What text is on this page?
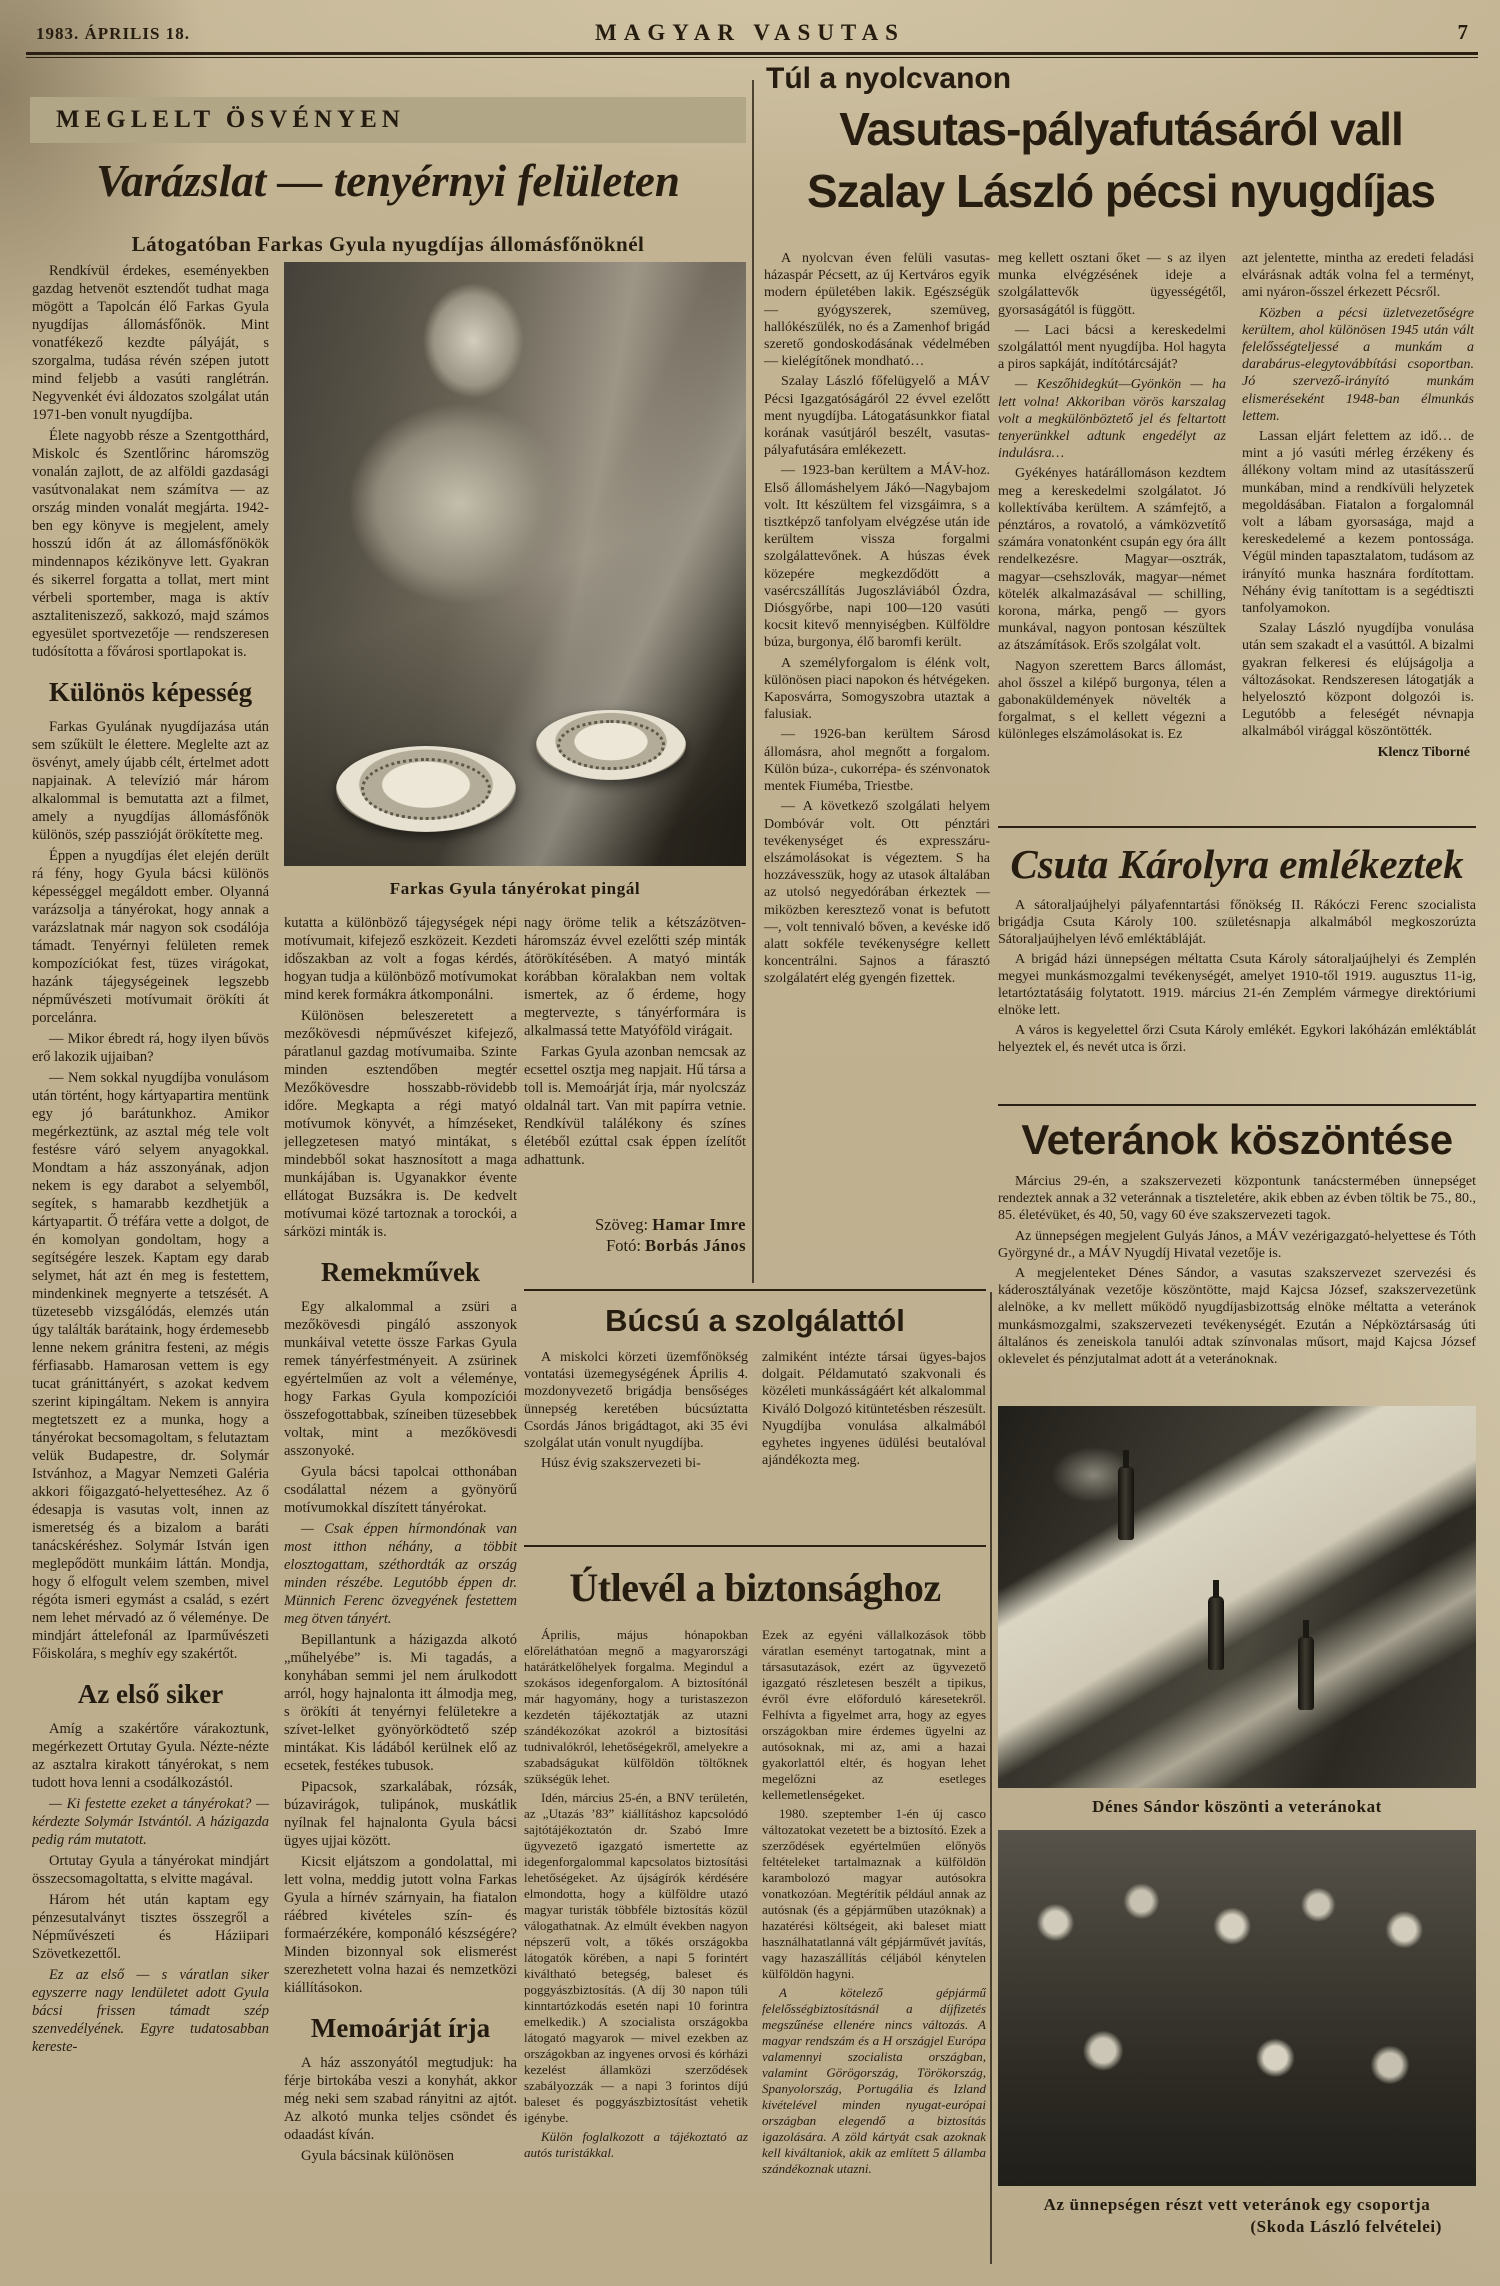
1983. ÁPRILIS 18.	MAGYAR VASUTAS	7
MEGLELT ÖSVÉNYEN
Varázslat — tenyérnyi felületen
Látogatóban Farkas Gyula nyugdíjas állomásfőnöknél

Rendkívül érdekes, eseményekben gazdag hetvenöt esztendőt tudhat maga mögött a Tapolcán élő Farkas Gyula nyugdíjas állomásfőnök. Mint vonatfékező kezdte pályáját, s szorgalma, tudása révén szépen jutott mind feljebb a vasúti ranglétrán. Negyvenkét évi áldozatos szolgálat után 1971-ben vonult nyugdíjba.

Élete nagyobb része a Szentgotthárd, Miskolc és Szentlőrinc háromszög vonalán zajlott, de az alföldi gazdasági vasútvonalakat nem számítva — az ország minden vonalát megjárta. 1942-ben egy könyve is megjelent, amely hosszú időn át az állomásfőnökök mindennapos kézikönyve lett. Gyakran és sikerrel forgatta a tollat, mert mint vérbeli sportember, maga is aktív asztaliteniszező, sakkozó, majd számos egyesület sportvezetője — rendszeresen tudósította a fővárosi sportlapokat is.

Különös képesség

Farkas Gyulának nyugdíjazása után sem szűkült le élettere. Meglelte azt az ösvényt, amely újabb célt, értelmet adott napjainak. A televízió már három alkalommal is bemutatta azt a filmet, amely a nyugdíjas állomásfőnök különös, szép passzióját örökítette meg.

Éppen a nyugdíjas élet elején derült rá fény, hogy Gyula bácsi különös képességgel megáldott ember. Olyanná varázsolja a tányérokat, hogy annak a varázslatnak már nagyon sok csodálója támadt. Tenyérnyi felületen remek kompozíciókat fest, tüzes virágokat, hazánk tájegységeinek legszebb népművészeti motívumait örökíti át porcelánra.

— Mikor ébredt rá, hogy ilyen bűvös erő lakozik ujjaiban?

— Nem sokkal nyugdíjba vonulásom után történt, hogy kártyapartira mentünk egy jó barátunkhoz. Amikor megérkeztünk, az asztal még tele volt festésre váró selyem anyagokkal. Mondtam a ház asszonyának, adjon nekem is egy darabot a selyemből, segítek, s hamarabb kezdhetjük a kártyapartit. Ő tréfára vette a dolgot, de én komolyan gondoltam, hogy a segítségére leszek. Kaptam egy darab selymet, hát azt én meg is festettem, mindenkinek megnyerte a tetszését. A tüzetesebb vizsgálódás, elemzés után úgy találták barátaink, hogy érdemesebb lenne nekem gránitra festeni, az mégis férfiasabb. Hamarosan vettem is egy tucat gránittányért, s azokat kedvem szerint kipingáltam. Nekem is annyira megtetszett ez a munka, hogy a tányérokat becsomagoltam, s felutaztam velük Budapestre, dr. Solymár Istvánhoz, a Magyar Nemzeti Galéria akkori főigazgató-helyetteséhez. Az ő édesapja is vasutas volt, innen az ismeretség és a bizalom a baráti tanácskéréshez. Solymár István igen meglepődött munkáim láttán. Mondja, hogy ő elfogult velem szemben, mivel régóta ismeri egymást a család, s ezért nem lehet mérvadó az ő véleménye. De mindjárt áttelefonál az Iparművészeti Főiskolára, s meghív egy szakértőt.

Az első siker

Amíg a szakértőre várakoztunk, megérkezett Ortutay Gyula. Nézte-nézte az asztalra kirakott tányérokat, s nem tudott hova lenni a csodálkozástól.

— Ki festette ezeket a tányérokat? — kérdezte Solymár Istvántól. A házigazda pedig rám mutatott.

Ortutay Gyula a tányérokat mindjárt összecsomagoltatta, s elvitte magával.

Három hét után kaptam egy pénzesutalványt tisztes összegről a Népművészeti és Háziipari Szövetkezettől.

Ez az első — s váratlan siker egyszerre nagy lendületet adott Gyula bácsi frissen támadt szép szenvedélyének. Egyre tudatosabban kereste-

Farkas Gyula tányérokat pingál

kutatta a különböző tájegységek népi motívumait, kifejező eszközeit. Kezdeti időszakban az volt a fogas kérdés, hogyan tudja a különböző motívumokat mind kerek formákra átkomponálni.

Különösen beleszeretett a mezőkövesdi népművészet kifejező, páratlanul gazdag motívumaiba. Szinte minden esztendőben megtér Mezőkövesdre hosszabb-rövidebb időre. Megkapta a régi matyó motívumok könyvét, a hímzéseket, jellegzetesen matyó mintákat, s mindebből sokat hasznosított a maga munkájában is. Ugyanakkor évente ellátogat Buzsákra is. De kedvelt motívumai közé tartoznak a torockói, a sárközi minták is.

Remekművek

Egy alkalommal a zsüri a mezőkövesdi pingáló asszonyok munkáival vetette össze Farkas Gyula remek tányérfestményeit. A zsürinek egyértelműen az volt a véleménye, hogy Farkas Gyula kompozíciói összefogottabbak, színeiben tüzesebbek voltak, mint a mezőkövesdi asszonyoké.

Gyula bácsi tapolcai otthonában csodálattal nézem a gyönyörű motívumokkal díszített tányérokat.

— Csak éppen hírmondónak van most itthon néhány, a többit elosztogattam, széthordták az ország minden részébe. Legutóbb éppen dr. Münnich Ferenc özvegyének festettem meg ötven tányért.

Bepillantunk a házigazda alkotó „műhelyébe” is. Mi tagadás, a konyhában semmi jel nem árulkodott arról, hogy hajnalonta itt álmodja meg, s örökíti át tenyérnyi felületekre a szívet-lelket gyönyörködtető szép mintákat. Kis ládából kerülnek elő az ecsetek, festékes tubusok.

Pipacsok, szarkalábak, rózsák, búzavirágok, tulipánok, muskátlik nyílnak fel hajnalonta Gyula bácsi ügyes ujjai között.

Kicsit eljátszom a gondolattal, mi lett volna, meddig jutott volna Farkas Gyula a hírnév szárnyain, ha fiatalon ráébred kivételes szín- és formaérzékére, komponáló készségére? Minden bizonnyal sok elismerést szerezhetett volna hazai és nemzetközi kiállításokon.

Memoárját írja

A ház asszonyától megtudjuk: ha férje birtokába veszi a konyhát, akkor még neki sem szabad rányitni az ajtót. Az alkotó munka teljes csöndet és odaadást kíván.

Gyula bácsinak különösen

nagy öröme telik a kétszázötven-háromszáz évvel ezelőtti szép minták átörökítésében. A matyó minták korábban köralakban nem voltak ismertek, az ő érdeme, hogy megtervezte, s tányérformára is alkalmassá tette Matyóföld virágait.

Farkas Gyula azonban nemcsak az ecsettel osztja meg napjait. Hű társa a toll is. Memoárját írja, már nyolcszáz oldalnál tart. Van mit papírra vetnie. Rendkívül találékony és színes életéből ezúttal csak éppen ízelítőt adhattunk.

Szöveg: Hamar Imre
Fotó: Borbás János
Túl a nyolcvanon
Vasutas-pályafutásáról vall
Szalay László pécsi nyugdíjas

A nyolcvan éven felüli vasutas-házaspár Pécsett, az új Kertváros egyik modern épületében lakik. Egészségük — gyógyszerek, szemüveg, hallókészülék, no és a Zamenhof brigád szerető gondoskodásának védelmében — kielégítőnek mondható…

Szalay László főfelügyelő a MÁV Pécsi Igazgatóságáról 22 évvel ezelőtt ment nyugdíjba. Látogatásunkkor fiatal korának vasútjáról beszélt, vasutas-pályafutására emlékezett.

— 1923-ban kerültem a MÁV-hoz. Első állomáshelyem Jákó—Nagybajom volt. Itt készültem fel vizsgáimra, s a tisztképző tanfolyam elvégzése után ide kerültem vissza forgalmi szolgálattevőnek. A húszas évek közepére megkezdődött a vasércszállítás Jugoszláviából Ózdra, Diósgyőrbe, napi 100—120 vasúti kocsit kitevő mennyiségben. Külföldre búza, burgonya, élő baromfi került.

A személyforgalom is élénk volt, különösen piaci napokon és hétvégeken. Kaposvárra, Somogyszobra utaztak a falusiak.

— 1926-ban kerültem Sárosd állomásra, ahol megnőtt a forgalom. Külön búza-, cukorrépa- és szénvonatok mentek Fiuméba, Triestbe.

— A következő szolgálati helyem Dombóvár volt. Ott pénztári tevékenységet és expresszáru-elszámolásokat is végeztem. S ha hozzávesszük, hogy az utasok általában az utolsó negyedórában érkeztek — miközben keresztező vonat is befutott —, volt tennivaló bőven, a kevéske idő alatt sokféle tevékenységre kellett koncentrálni. Sajnos a fárasztó szolgálatért elég gyengén fizettek.

meg kellett osztani őket — s az ilyen munka elvégzésének ideje a szolgálattevők ügyességétől, gyorsaságától is függött.

— Laci bácsi a kereskedelmi szolgálattól ment nyugdíjba. Hol hagyta a piros sapkáját, indítótárcsáját?

— Keszőhidegkút—Gyönkön — ha lett volna! Akkoriban vörös karszalag volt a megkülönböztető jel és feltartott tenyerünkkel adtunk engedélyt az indulásra…

Gyékényes határállomáson kezdtem meg a kereskedelmi szolgálatot. Jó kollektívába kerültem. A számfejtő, a pénztáros, a rovatoló, a vámközvetítő számára vonatonként csupán egy óra állt rendelkezésre. Magyar—osztrák, magyar—csehszlovák, magyar—német kötelék alkalmazásával — schilling, korona, márka, pengő — gyors munkával, nagyon pontosan készültek az átszámítások. Erős szolgálat volt.

Nagyon szerettem Barcs állomást, ahol ősszel a kilépő burgonya, télen a gabonaküldemények növelték a forgalmat, s el kellett végezni a különleges elszámolásokat is. Ez

azt jelentette, mintha az eredeti feladási elvárásnak adták volna fel a terményt, ami nyáron-ősszel érkezett Pécsről.

Közben a pécsi üzletvezetőségre kerültem, ahol különösen 1945 után vált felelősségteljessé a munkám a darabárus-elegytovábbítási csoportban. Jó szervező-irányító munkám elismeréseként 1948-ban élmunkás lettem.

Lassan eljárt felettem az idő… de mint a jó vasúti mérleg érzékeny és állékony voltam mind az utasításszerű munkában, mind a rendkívüli helyzetek megoldásában. Fiatalon a forgalomnál volt a lábam gyorsasága, majd a kereskedelemé a kezem pontossága. Végül minden tapasztalatom, tudásom az irányító munka hasznára fordítottam. Néhány évig tanítottam is a segédtiszti tanfolyamokon.

Szalay László nyugdíjba vonulása után sem szakadt el a vasúttól. A bizalmi gyakran felkeresi és elújságolja a változásokat. Rendszeresen látogatják a helyelosztó központ dolgozói is. Legutóbb a feleségét névnapja alkalmából virággal köszöntötték.

Klencz Tiborné

Csuta Károlyra emlékeztek

A sátoraljaújhelyi pályafenntartási főnökség II. Rákóczi Ferenc szocialista brigádja Csuta Károly 100. születésnapja alkalmából megkoszorúzta Sátoraljaújhelyen lévő emléktábláját.

A brigád házi ünnepségen méltatta Csuta Károly sátoraljaújhelyi és Zemplén megyei munkásmozgalmi tevékenységét, amelyet 1910-től 1919. augusztus 11-ig, letartóztatásáig folytatott. 1919. március 21-én Zemplém vármegye direktóriumi elnöke lett.

A város is kegyelettel őrzi Csuta Károly emlékét. Egykori lakóházán emléktáblát helyeztek el, és nevét utca is őrzi.

Veteránok köszöntése

Március 29-én, a szakszervezeti központunk tanácstermében ünnepséget rendeztek annak a 32 veteránnak a tiszteletére, akik ebben az évben töltik be 75., 80., 85. életévüket, és 40, 50, vagy 60 éve szakszervezeti tagok.

Az ünnepségen megjelent Gulyás János, a MÁV vezérigazgató-helyettese és Tóth Györgyné dr., a MÁV Nyugdíj Hivatal vezetője is.

A megjelenteket Dénes Sándor, a vasutas szakszervezet szervezési és káderosztályának vezetője köszöntötte, majd Kajcsa József, szakszervezetünk alelnöke, a kv mellett működő nyugdíjasbizottság elnöke méltatta a veteránok munkásmozgalmi, szakszervezeti tevékenységét. Ezután a Népköztársaság úti általános és zeneiskola tanulói adtak színvonalas műsort, majd Kajcsa József oklevelet és pénzjutalmat adott át a veteránoknak.

Búcsú a szolgálattól

A miskolci körzeti üzemfőnökség vontatási üzemegységének Április 4. mozdonyvezető brigádja bensőséges ünnepség keretében búcsúztatta Csordás János brigádtagot, aki 35 évi szolgálat után vonult nyugdíjba.

Húsz évig szakszervezeti bi-

zalmiként intézte társai ügyes-bajos dolgait. Példamutató szakvonali és közéleti munkásságáért két alkalommal Kiváló Dolgozó kitüntetésben részesült. Nyugdíjba vonulása alkalmából egyhetes ingyenes üdülési beutalóval ajándékozta meg.

Útlevél a biztonsághoz

Április, május hónapokban előreláthatóan megnő a magyarországi határátkelőhelyek forgalma. Megindul a szokásos idegenforgalom. A biztosítónál már hagyomány, hogy a turistaszezon kezdetén tájékoztatják az utazni szándékozókat azokról a biztosítási tudnivalókról, lehetőségekről, amelyekre a szabadságukat külföldön töltőknek szükségük lehet.

Idén, március 25-én, a BNV területén, az „Utazás ’83” kiállításhoz kapcsolódó sajtótájékoztatón dr. Szabó Imre ügyvezető igazgató ismertette az idegenforgalommal kapcsolatos biztosítási lehetőségeket. Az újságírók kérdésére elmondotta, hogy a külföldre utazó magyar turisták többféle biztosítás közül válogathatnak. Az elmúlt években nagyon népszerű volt, a tőkés országokba látogatók körében, a napi 5 forintért kiváltható betegség, baleset és poggyászbiztosítás. (A díj 30 napon túli kinntartózkodás esetén napi 10 forintra emelkedik.) A szocialista országokba látogató magyarok — mivel ezekben az országokban az ingyenes orvosi és kórházi kezelést államközi szerződések szabályozzák — a napi 3 forintos díjú baleset és poggyászbiztosítást vehetik igénybe.

Külön foglalkozott a tájékoztató az autós turistákkal.

Ezek az egyéni vállalkozások több váratlan eseményt tartogatnak, mint a társasutazások, ezért az ügyvezető igazgató részletesen beszélt a tipikus, évről évre előforduló káresetekről. Felhívta a figyelmet arra, hogy az egyes országokban mire érdemes ügyelni az autósoknak, mi az, ami a hazai gyakorlattól eltér, és hogyan lehet megelőzni az esetleges kellemetlenségeket.

1980. szeptember 1-én új casco változatokat vezetett be a biztosító. Ezek a szerződések egyértelműen előnyös feltételeket tartalmaznak a külföldön karambolozó magyar autósokra vonatkozóan. Megtérítik például annak az autósnak (és a gépjárműben utazóknak) a hazatérési költségeit, aki baleset miatt használhatatlanná vált gépjárművét javítás, vagy hazaszállítás céljából kénytelen külföldön hagyni.

A kötelező gépjármű felelősségbiztosításnál a díjfizetés megszűnése ellenére nincs változás. A magyar rendszám és a H országjel Európa valamennyi szocialista országban, valamint Görögország, Törökország, Spanyolország, Portugália és Izland kivételével minden nyugat-európai országban elegendő a biztosítás igazolására. A zöld kártyát csak azoknak kell kiváltaniok, akik az említett 5 államba szándékoznak utazni.

Dénes Sándor köszönti a veteránokat
Az ünnepségen részt vett veteránok egy csoportja
(Skoda László felvételei)
